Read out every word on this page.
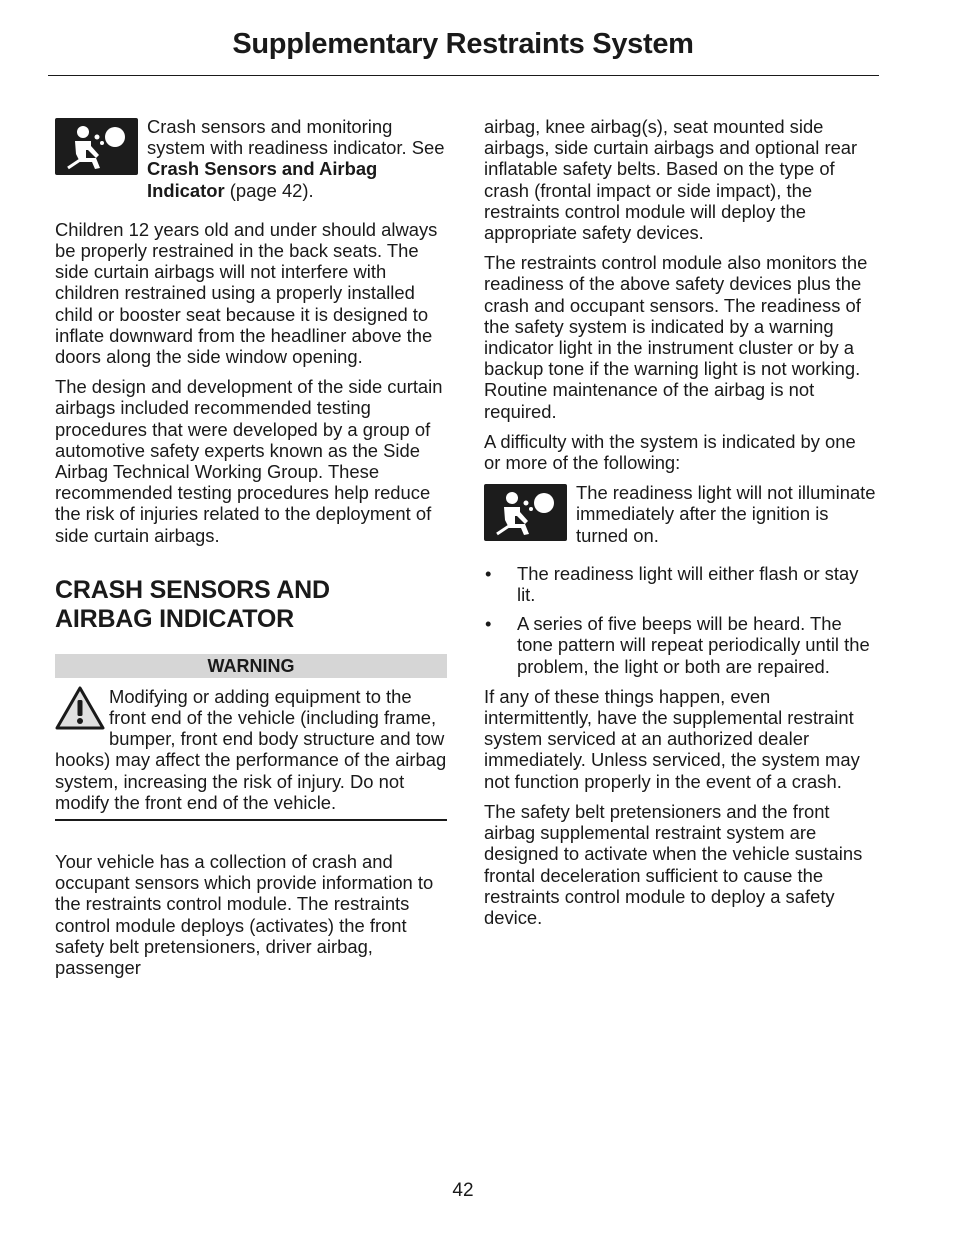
Supplementary Restraints System

Crash sensors and monitoring system with readiness indicator. See Crash Sensors and Airbag Indicator (page 42).

Children 12 years old and under should always be properly restrained in the back seats. The side curtain airbags will not interfere with children restrained using a properly installed child or booster seat because it is designed to inflate downward from the headliner above the doors along the side window opening.

The design and development of the side curtain airbags included recommended testing procedures that were developed by a group of automotive safety experts known as the Side Airbag Technical Working Group. These recommended testing procedures help reduce the risk of injuries related to the deployment of side curtain airbags.

CRASH SENSORS AND
AIRBAG INDICATOR
WARNING

Modifying or adding equipment to the front end of the vehicle (including frame, bumper, front end body structure and tow hooks) may affect the performance of the airbag system, increasing the risk of injury. Do not modify the front end of the vehicle.

Your vehicle has a collection of crash and occupant sensors which provide information to the restraints control module. The restraints control module deploys (activates) the front safety belt pretensioners, driver airbag, passenger

airbag, knee airbag(s), seat mounted side airbags, side curtain airbags and optional rear inflatable safety belts. Based on the type of crash (frontal impact or side impact), the restraints control module will deploy the appropriate safety devices.

The restraints control module also monitors the readiness of the above safety devices plus the crash and occupant sensors. The readiness of the safety system is indicated by a warning indicator light in the instrument cluster or by a backup tone if the warning light is not working. Routine maintenance of the airbag is not required.

A difficulty with the system is indicated by one or more of the following:

The readiness light will not illuminate immediately after the ignition is turned on.

• The readiness light will either flash or stay lit.
• A series of five beeps will be heard. The tone pattern will repeat periodically until the problem, the light or both are repaired.

If any of these things happen, even intermittently, have the supplemental restraint system serviced at an authorized dealer immediately. Unless serviced, the system may not function properly in the event of a crash.

The safety belt pretensioners and the front airbag supplemental restraint system are designed to activate when the vehicle sustains frontal deceleration sufficient to cause the restraints control module to deploy a safety device.

42
